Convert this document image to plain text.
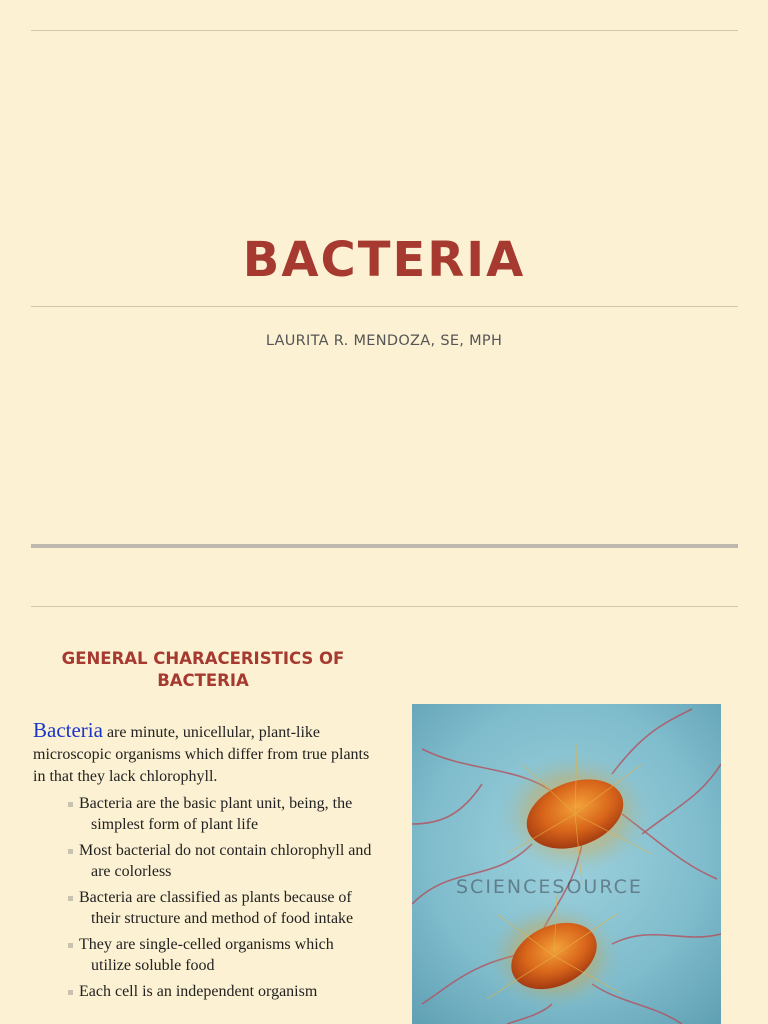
BACTERIA
LAURITA R. MENDOZA, SE, MPH
GENERAL CHARACERISTICS OF BACTERIA
Bacteria are minute, unicellular, plant-like microscopic organisms which differ from true plants in that they lack chlorophyll.
Bacteria are the basic plant unit, being, the simplest form of plant life
Most bacterial do not contain chlorophyll and are colorless
Bacteria are classified as plants because of their structure and method of food intake
They are single-celled organisms which utilize soluble food
Each cell is an independent organism
SCIENCESOURCE
